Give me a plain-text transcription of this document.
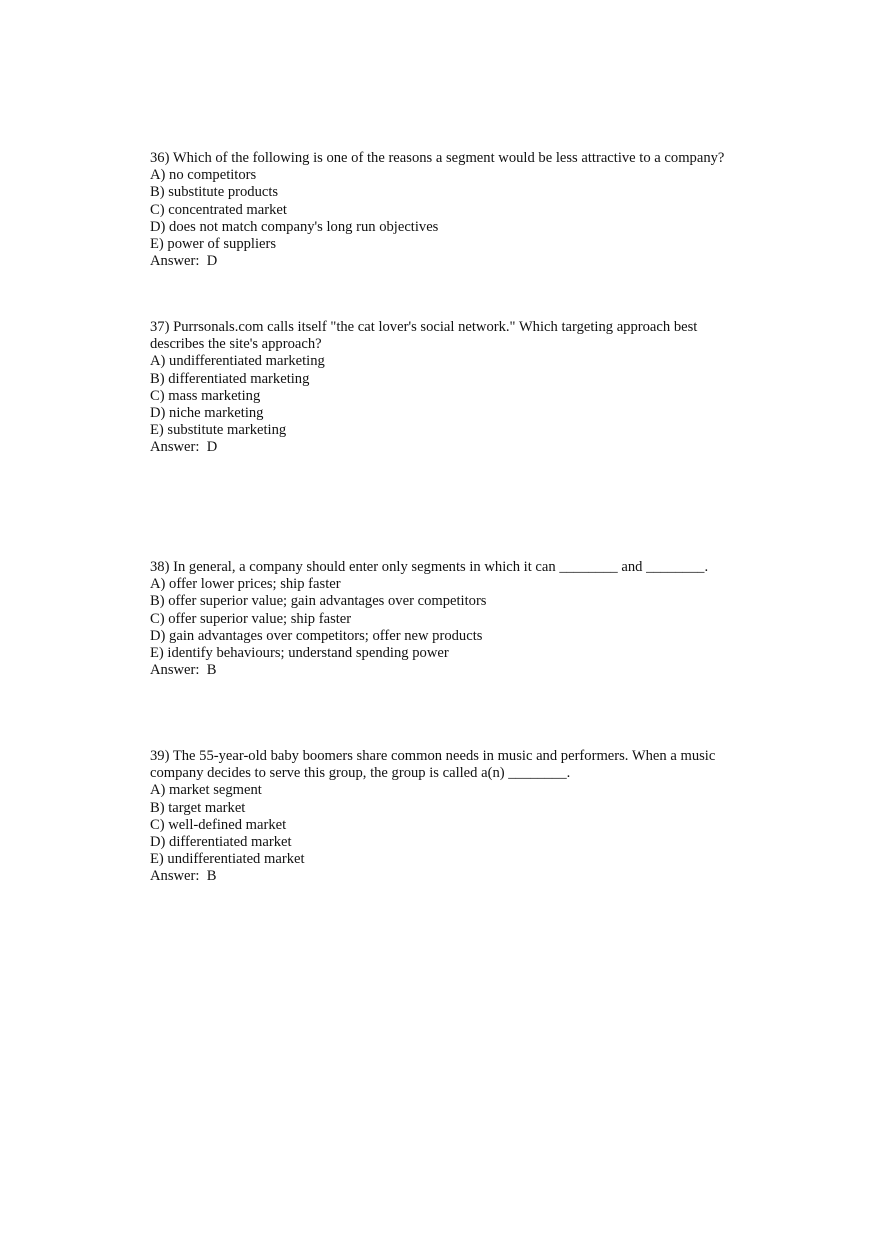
36) Which of the following is one of the reasons a segment would be less attractive to a company?

A) no competitors
B) substitute products
C) concentrated market
D) does not match company's long run objectives
E) power of suppliers

Answer:  D

37) Purrsonals.com calls itself "the cat lover's social network." Which targeting approach best describes the site's approach?

A) undifferentiated marketing
B) differentiated marketing
C) mass marketing
D) niche marketing
E) substitute marketing

Answer:  D

38) In general, a company should enter only segments in which it can ________ and ________.

A) offer lower prices; ship faster
B) offer superior value; gain advantages over competitors
C) offer superior value; ship faster
D) gain advantages over competitors; offer new products
E) identify behaviours; understand spending power

Answer:  B

39) The 55-year-old baby boomers share common needs in music and performers. When a music company decides to serve this group, the group is called a(n) ________.

A) market segment
B) target market
C) well-defined market
D) differentiated market
E) undifferentiated market

Answer:  B
